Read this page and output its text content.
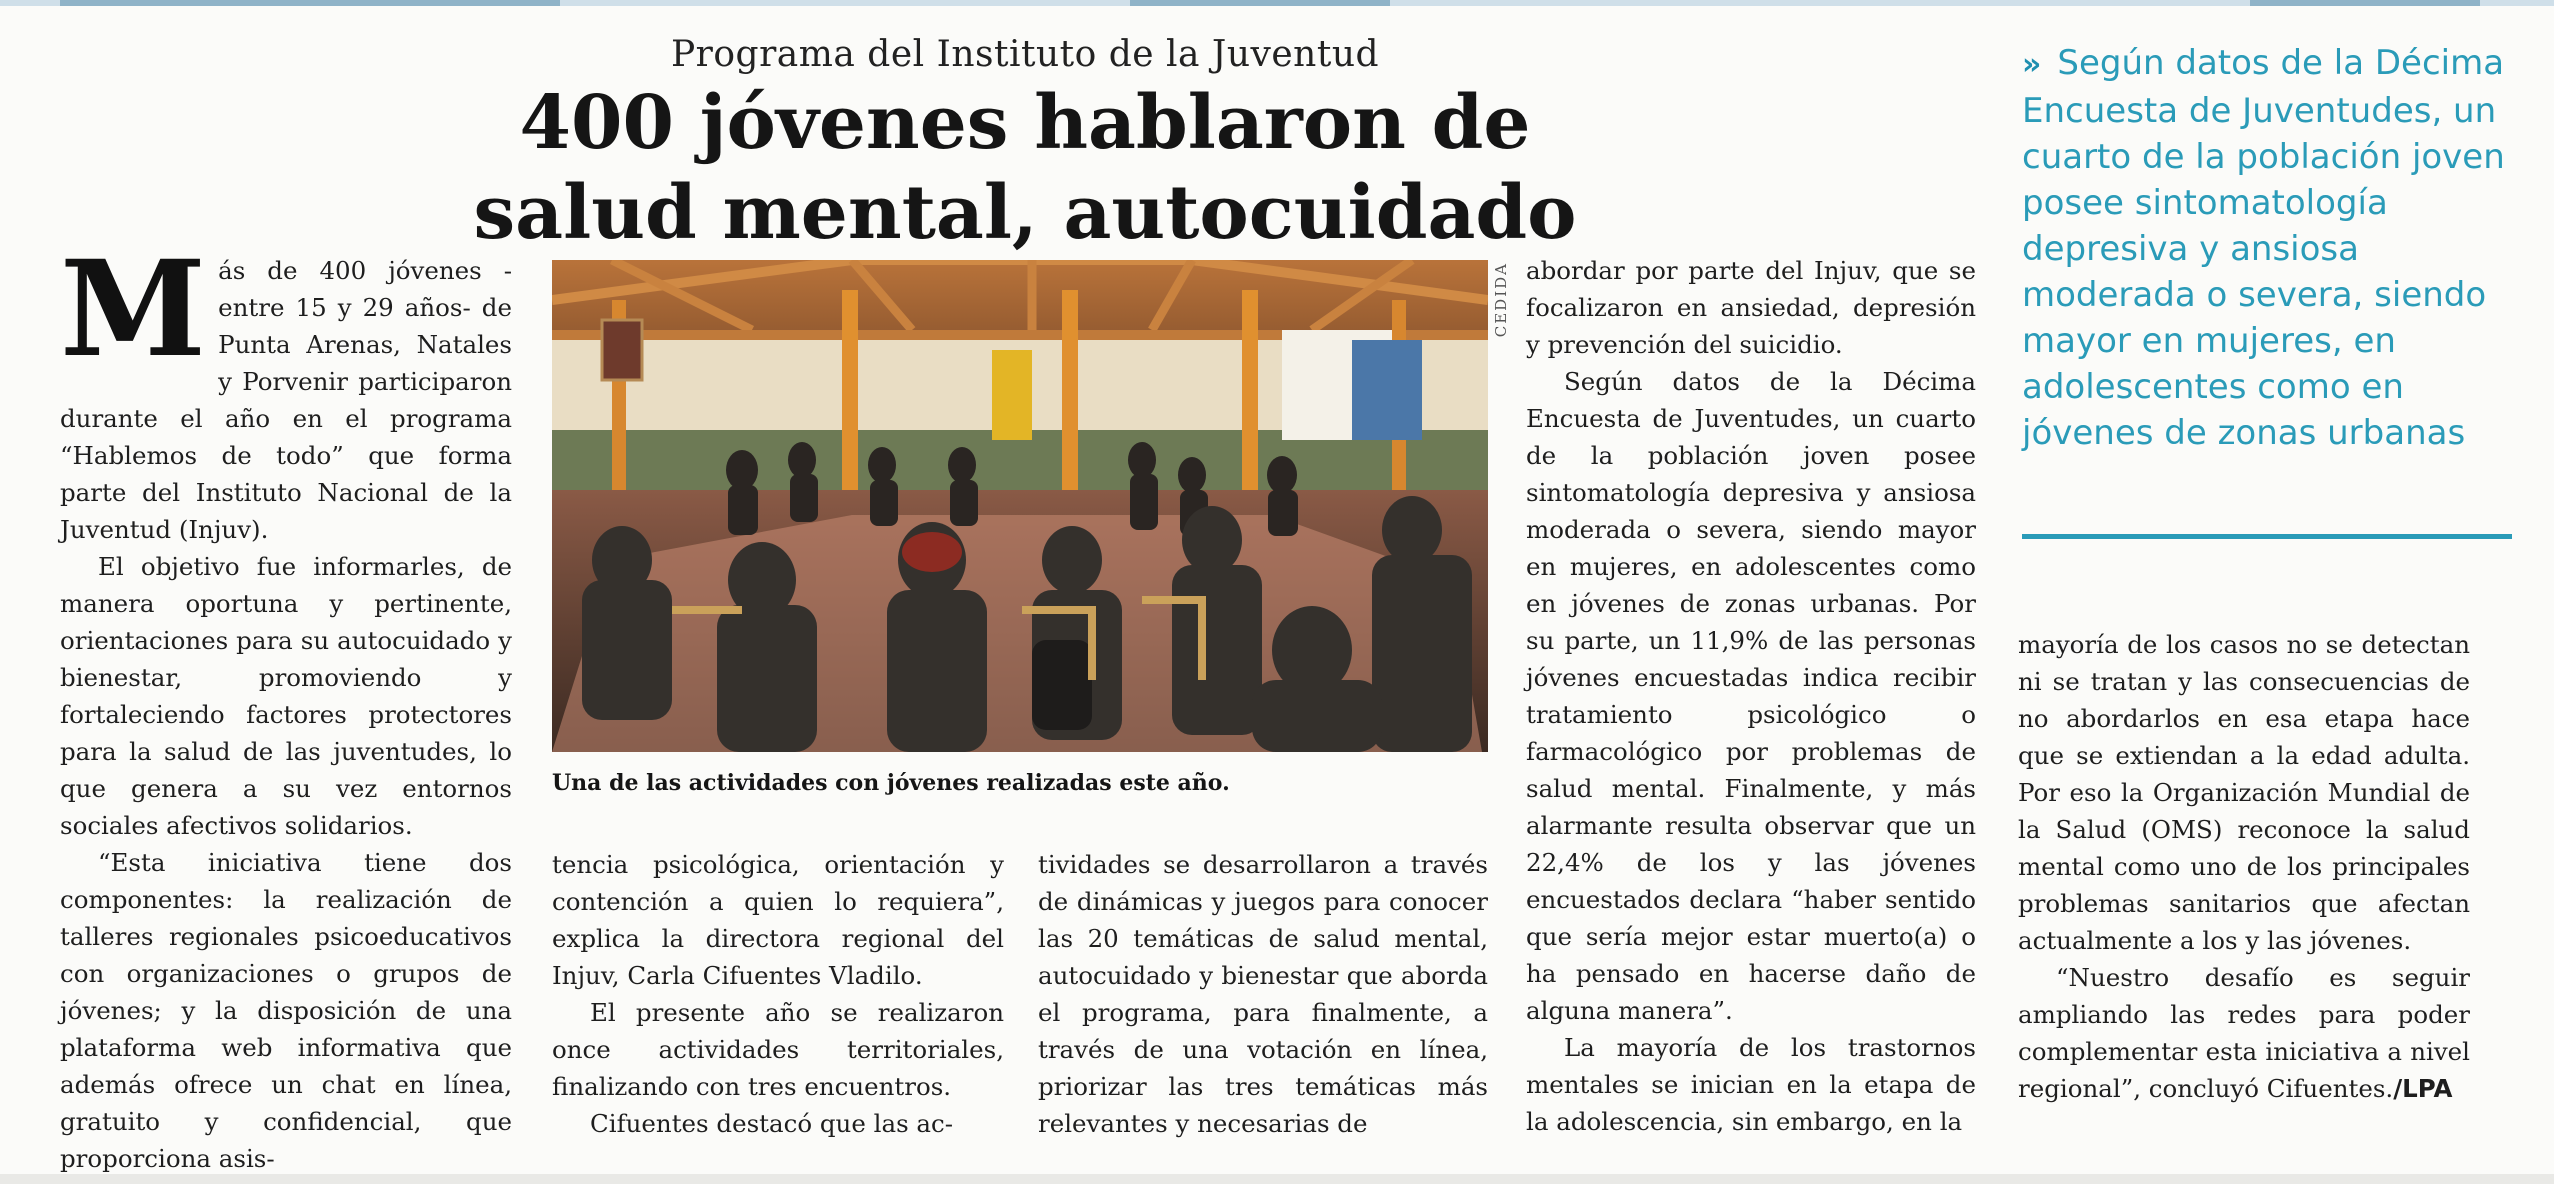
Programa del Instituto de la Juventud
400 jóvenes hablaron de salud mental, autocuidado
» Según datos de la Décima Encuesta de Juventudes, un cuarto de la población joven posee sintomatología depresiva y ansiosa moderada o severa, siendo mayor en mujeres, en adolescentes como en jóvenes de zonas urbanas

Más de 400 jóvenes -entre 15 y 29 años- de Punta Arenas, Natales y Porvenir participaron durante el año en el programa “Hablemos de todo” que forma parte del Instituto Nacional de la Juventud (Injuv).

El objetivo fue informarles, de manera oportuna y pertinente, orientaciones para su autocuidado y bienestar, promoviendo y fortaleciendo factores protectores para la salud de las juventudes, lo que genera a su vez entornos sociales afectivos solidarios.

“Esta iniciativa tiene dos componentes: la realización de talleres regionales psicoeducativos con organizaciones o grupos de jóvenes; y la disposición de una plataforma web informativa que además ofrece un chat en línea, gratuito y confidencial, que proporciona asis-

CEDIDA
Una de las actividades con jóvenes realizadas este año.

tencia psicológica, orientación y contención a quien lo requiera”, explica la directora regional del Injuv, Carla Cifuentes Vladilo.

El presente año se realizaron once actividades territoriales, finalizando con tres encuentros.

Cifuentes destacó que las ac-

tividades se desarrollaron a través de dinámicas y juegos para conocer las 20 temáticas de salud mental, autocuidado y bienestar que aborda el programa, para finalmente, a través de una votación en línea, priorizar las tres temáticas más relevantes y necesarias de

abordar por parte del Injuv, que se focalizaron en ansiedad, depresión y prevención del suicidio.

Según datos de la Décima Encuesta de Juventudes, un cuarto de la población joven posee sintomatología depresiva y ansiosa moderada o severa, siendo mayor en mujeres, en adolescentes como en jóvenes de zonas urbanas. Por su parte, un 11,9% de las personas jóvenes encuestadas indica recibir tratamiento psicológico o farmacológico por problemas de salud mental. Finalmente, y más alarmante resulta observar que un 22,4% de los y las jóvenes encuestados declara “haber sentido que sería mejor estar muerto(a) o ha pensado en hacerse daño de alguna manera”.

La mayoría de los trastornos mentales se inician en la etapa de la adolescencia, sin embargo, en la

mayoría de los casos no se detectan ni se tratan y las consecuencias de no abordarlos en esa etapa hace que se extiendan a la edad adulta. Por eso la Organización Mundial de la Salud (OMS) reconoce la salud mental como uno de los principales problemas sanitarios que afectan actualmente a los y las jóvenes.

“Nuestro desafío es seguir ampliando las redes para poder complementar esta iniciativa a nivel regional”, concluyó Cifuentes./LPA
